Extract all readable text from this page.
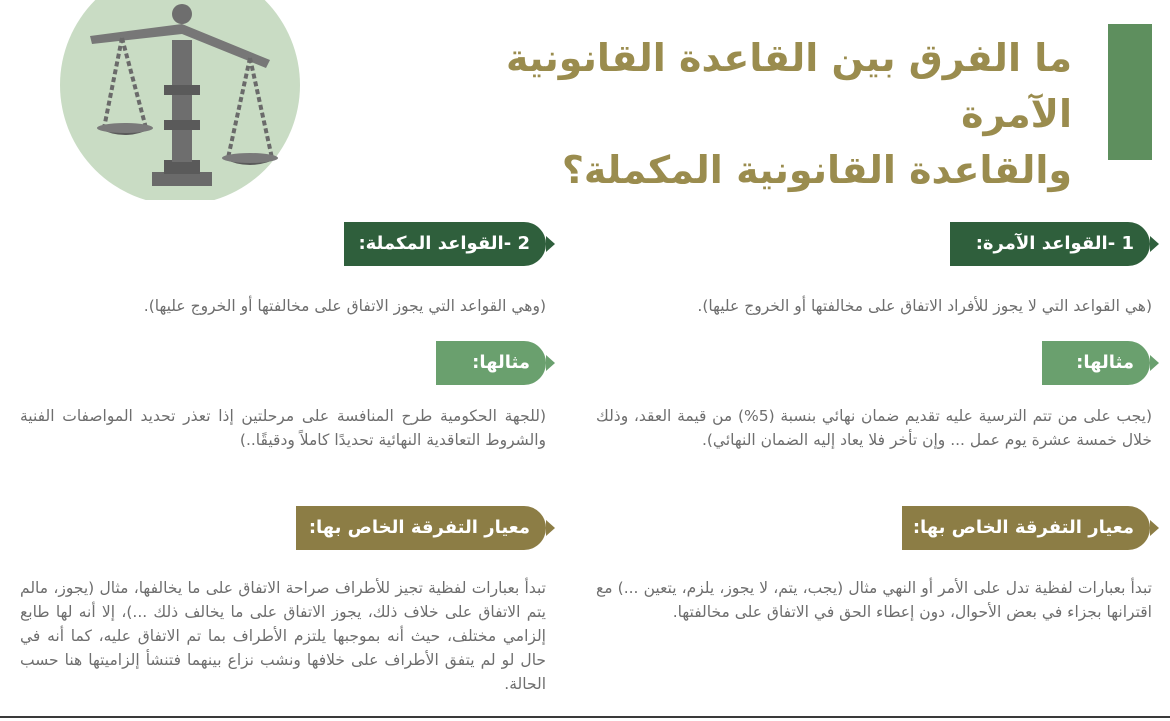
ما الفرق بين القاعدة القانونية الآمرة
والقاعدة القانونية المكملة؟
1 -القواعد الآمرة:
(هي القواعد التي لا يجوز للأفراد الاتفاق على مخالفتها أو الخروج عليها).
مثالها:
(يجب على من تتم الترسية عليه تقديم ضمان نهائي بنسبة (5%) من قيمة العقد، وذلك خلال خمسة عشرة يوم عمل ... وإن تأخر فلا يعاد إليه الضمان النهائي).
معيار التفرقة الخاص بها:
تبدأ بعبارات لفظية تدل على الأمر أو النهي مثال (يجب، يتم، لا يجوز، يلزم، يتعين ...) مع اقترانها بجزاء في بعض الأحوال، دون إعطاء الحق في الاتفاق على مخالفتها.
2 -القواعد المكملة:
(وهي القواعد التي يجوز الاتفاق على مخالفتها أو الخروج عليها).
مثالها:
(للجهة الحكومية طرح المنافسة على مرحلتين إذا تعذر تحديد المواصفات الفنية والشروط التعاقدية النهائية تحديدًا كاملاً ودقيقًا..)
معيار التفرقة الخاص بها:
تبدأ بعبارات لفظية تجيز للأطراف صراحة الاتفاق على ما يخالفها، مثال (يجوز، مالم يتم الاتفاق على خلاف ذلك، يجوز الاتفاق على ما يخالف ذلك ...)، إلا أنه لها طابع إلزامي مختلف، حيث أنه بموجبها يلتزم الأطراف بما تم الاتفاق عليه، كما أنه في حال لو لم يتفق الأطراف على خلافها ونشب نزاع بينهما فتنشأ إلزاميتها هنا حسب الحالة.
